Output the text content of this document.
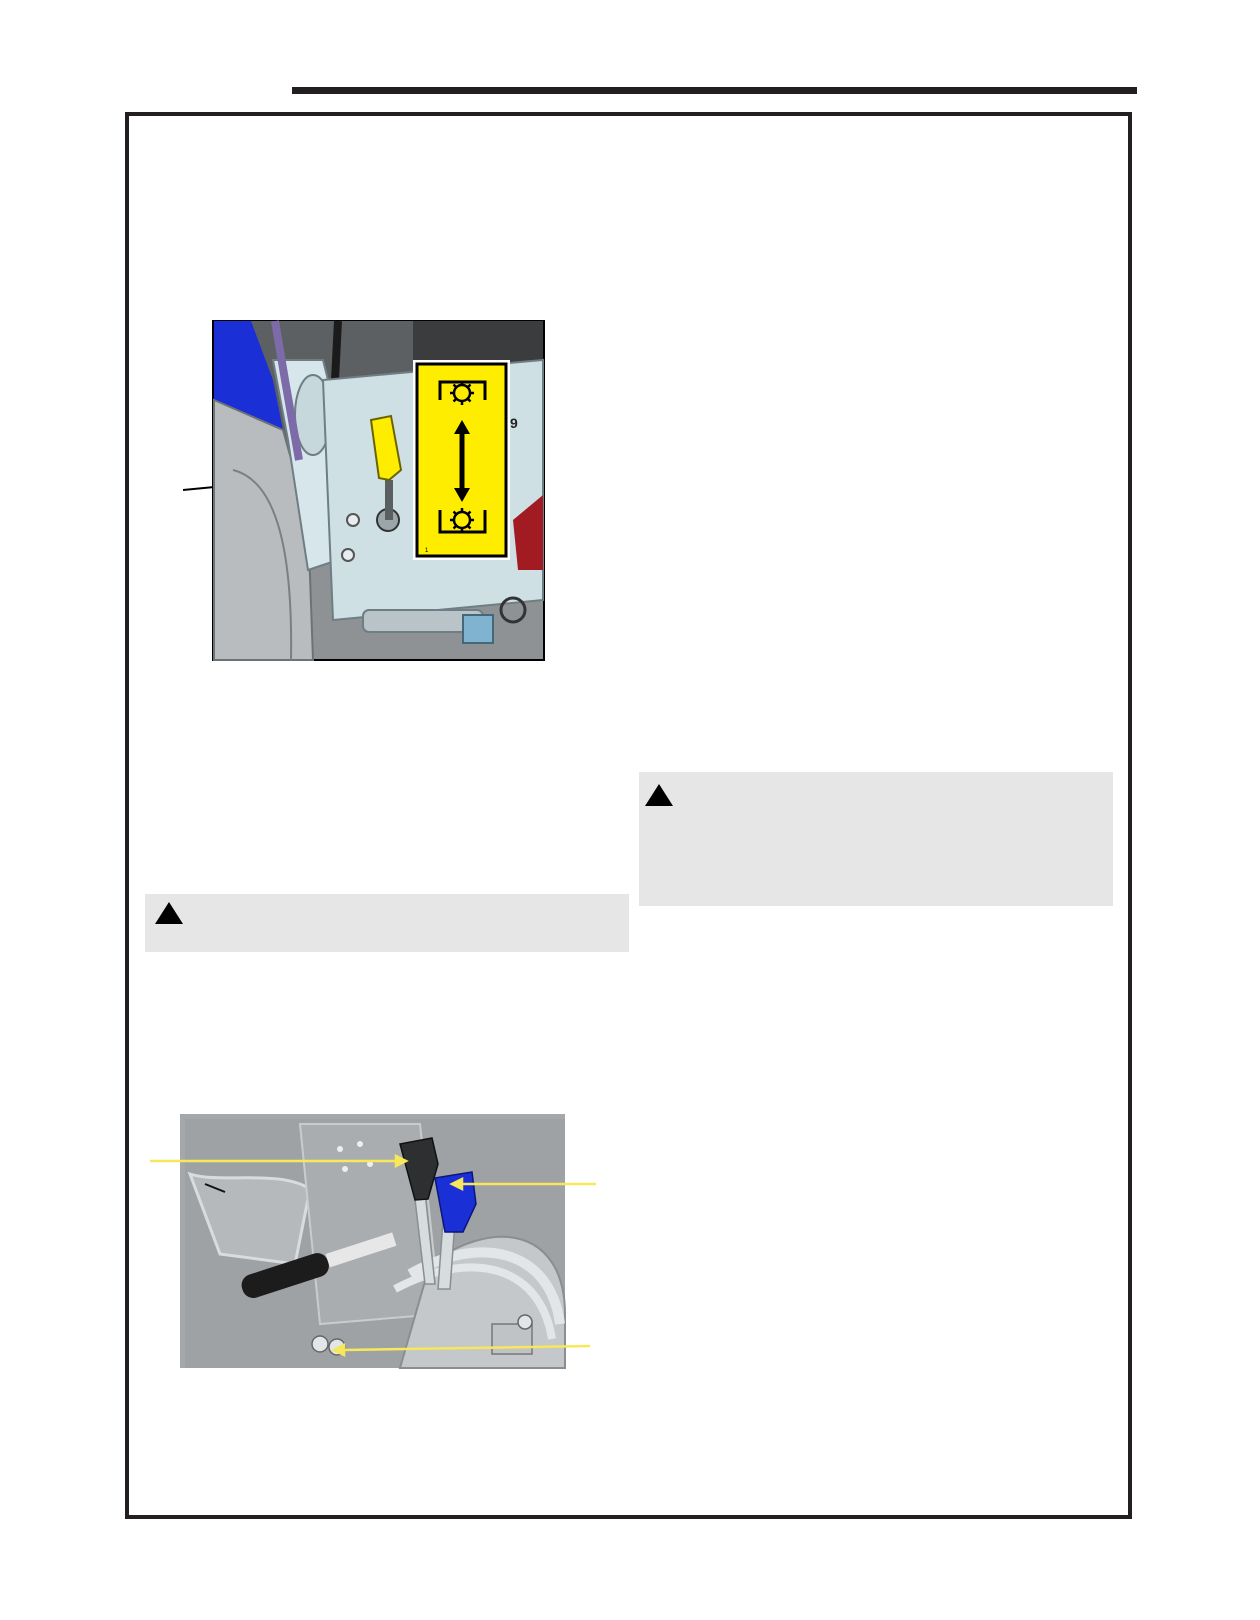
9
1
